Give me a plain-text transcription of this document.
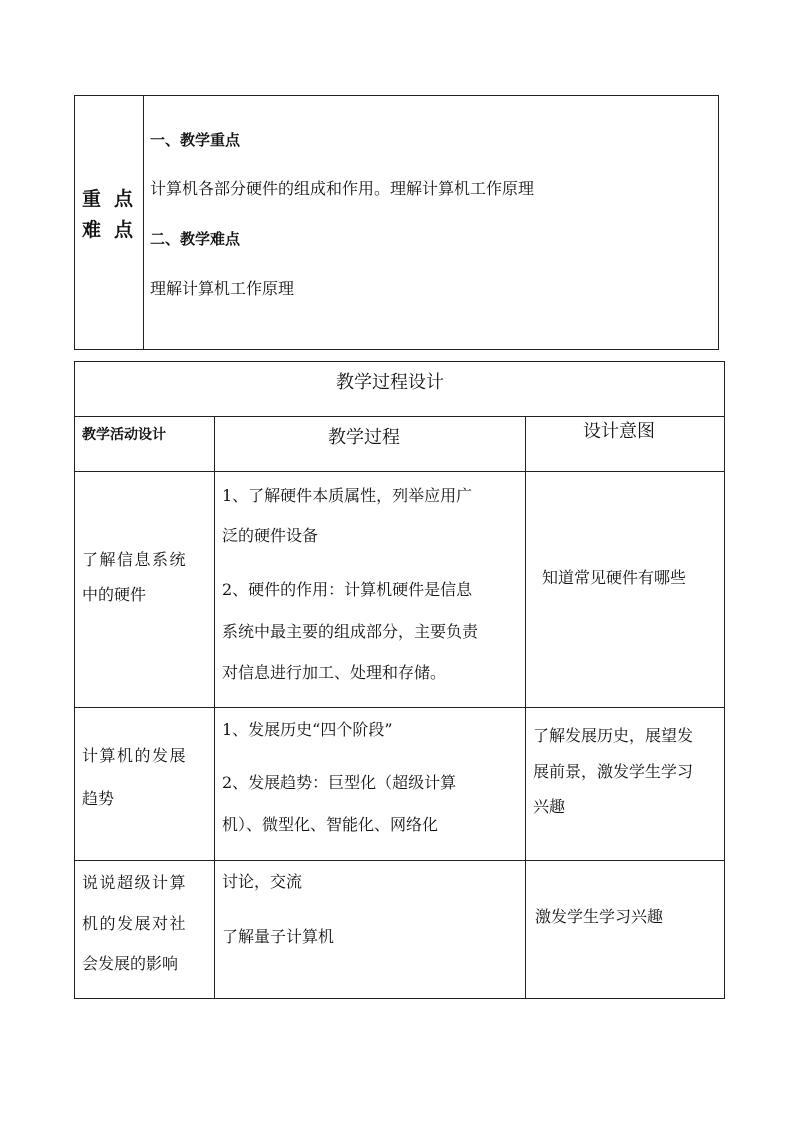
重点
难点
一、教学重点
计算机各部分硬件的组成和作用。理解计算机工作原理
二、教学难点
理解计算机工作原理
教学过程设计
教学活动设计	教学过程	设计意图
了解信息系统
中的硬件
1、了解硬件本质属性，列举应用广
泛的硬件设备
2、硬件的作用：计算机硬件是信息
系统中最主要的组成部分，主要负责
对信息进行加工、处理和存储。
知道常见硬件有哪些
计算机的发展
趋势
1、发展历史“四个阶段”
2、发展趋势：巨型化（超级计算
机）、微型化、智能化、网络化
了解发展历史，展望发
展前景，激发学生学习
兴趣
说说超级计算
机的发展对社
会发展的影响
讨论，交流
了解量子计算机
激发学生学习兴趣
